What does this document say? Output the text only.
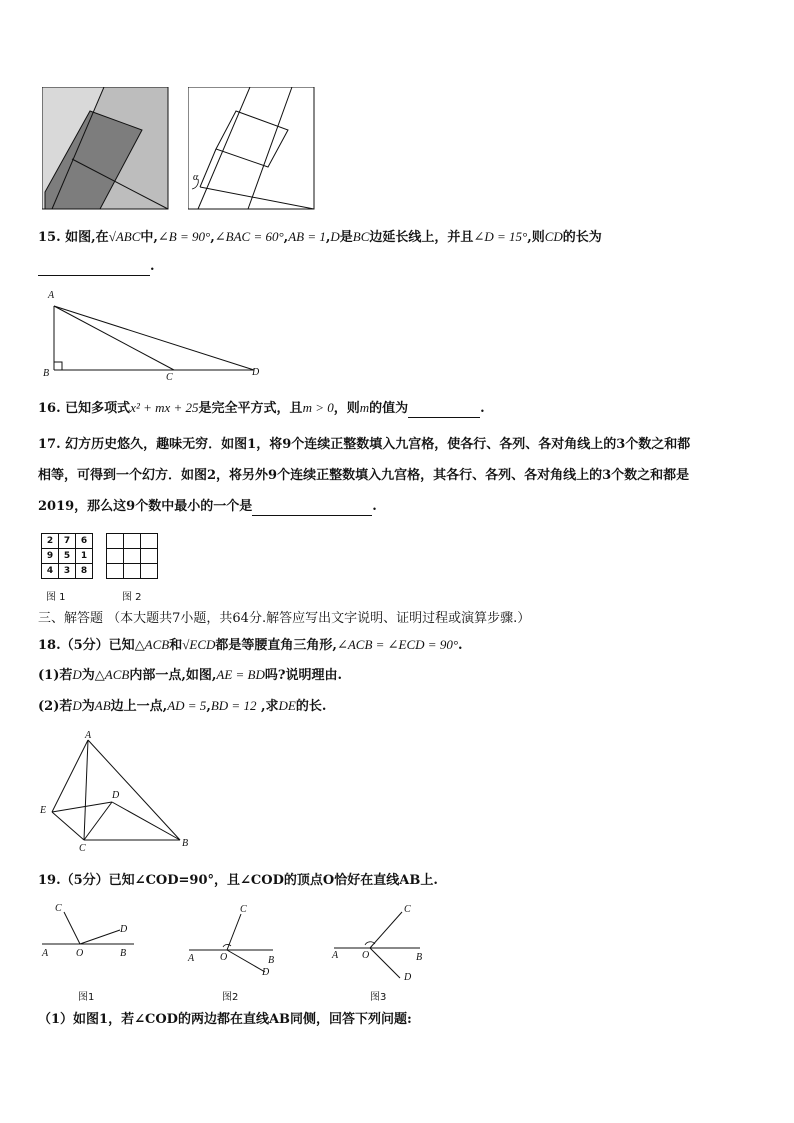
α
15. 如图,在√ABC中,∠B = 90°,∠BAC = 60°,AB = 1,D是BC边延长线上，并且∠D = 15°,则CD的长为
.
A
B	C	D
16. 已知多项式x² + mx + 25是完全平方式，且m > 0，则m的值为	.
17. 幻方历史悠久，趣味无穷．如图1，将9个连续正整数填入九宫格，使各行、各列、各对角线上的3个数之和都
相等，可得到一个幻方．如图2，将另外9个连续正整数填入九宫格，其各行、各列、各对角线上的3个数之和都是
2019，那么这9个数中最小的一个是	.
2	7	6
9	5	1
4	3	8

图 1	图 2
三、解答题 （本大题共7小题，共64分.解答应写出文字说明、证明过程或演算步骤.）
18.（5分）已知△ACB和√ECD都是等腰直角三角形,∠ACB = ∠ECD = 90°.
(1)若D为△ACB内部一点,如图,AE = BD吗?说明理由.
(2)若D为AB边上一点,AD = 5,BD = 12 ,求DE的长.
A
B
C
D
E
19.（5分）已知∠COD=90°，且∠COD的顶点O恰好在直线AB上.
C
D
A	O	B
图1
C
A	O	B
D
图2
C
A O	B
D
图3
（1）如图1，若∠COD的两边都在直线AB同侧，回答下列问题:
